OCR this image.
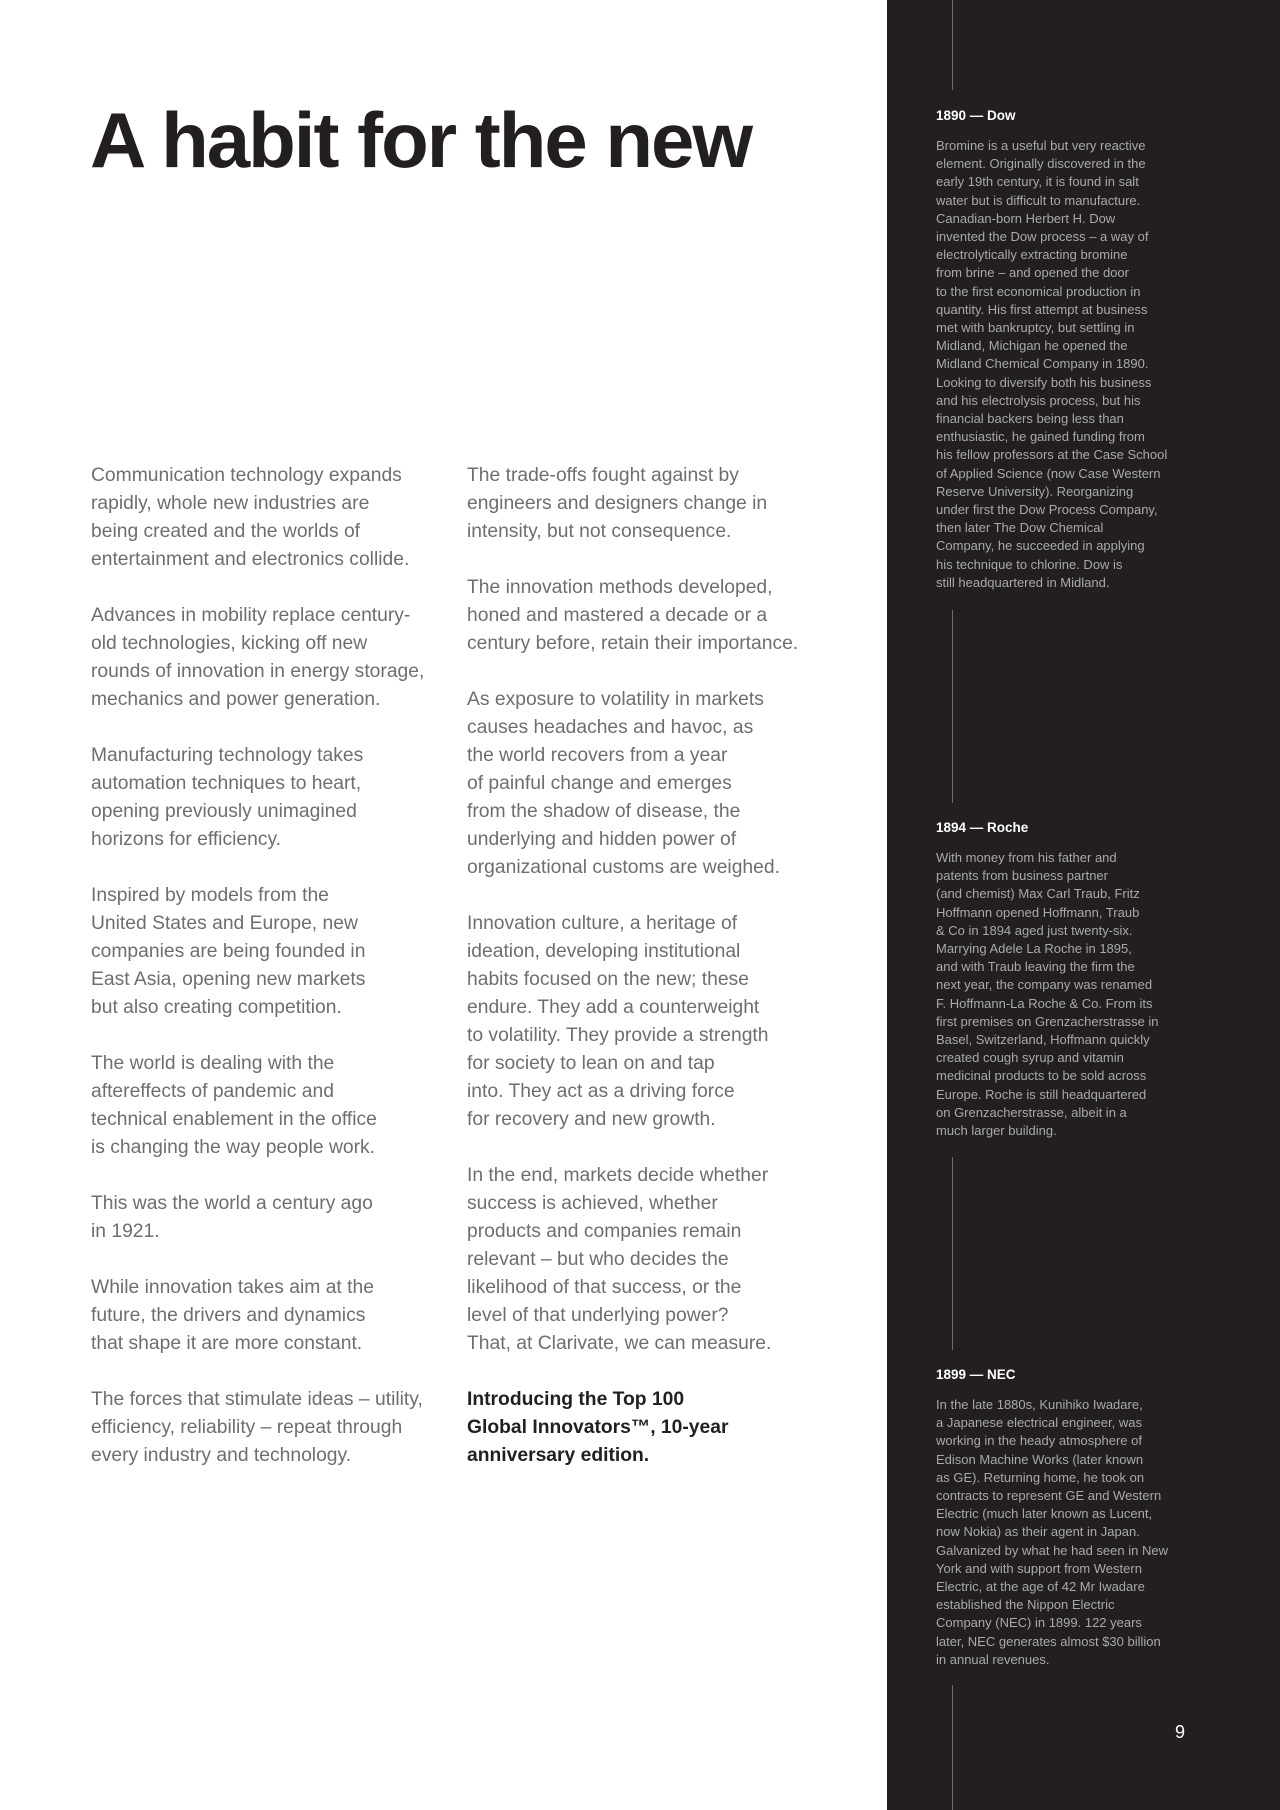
A habit for the new

Communication technology expands
rapidly, whole new industries are
being created and the worlds of
entertainment and electronics collide.

Advances in mobility replace century-
old technologies, kicking off new
rounds of innovation in energy storage,
mechanics and power generation.

Manufacturing technology takes
automation techniques to heart,
opening previously unimagined
horizons for efficiency.

Inspired by models from the
United States and Europe, new
companies are being founded in
East Asia, opening new markets
but also creating competition.

The world is dealing with the
aftereffects of pandemic and
technical enablement in the office
is changing the way people work.

This was the world a century ago
in 1921.

While innovation takes aim at the
future, the drivers and dynamics
that shape it are more constant.

The forces that stimulate ideas – utility,
efficiency, reliability – repeat through
every industry and technology.

The trade-offs fought against by
engineers and designers change in
intensity, but not consequence.

The innovation methods developed,
honed and mastered a decade or a
century before, retain their importance.

As exposure to volatility in markets
causes headaches and havoc, as
the world recovers from a year
of painful change and emerges
from the shadow of disease, the
underlying and hidden power of
organizational customs are weighed.

Innovation culture, a heritage of
ideation, developing institutional
habits focused on the new; these
endure. They add a counterweight
to volatility. They provide a strength
for society to lean on and tap
into. They act as a driving force
for recovery and new growth.

In the end, markets decide whether
success is achieved, whether
products and companies remain
relevant – but who decides the
likelihood of that success, or the
level of that underlying power?
That, at Clarivate, we can measure.

Introducing the Top 100
Global Innovators™, 10-year
anniversary edition.

1890 — Dow

Bromine is a useful but very reactive
element. Originally discovered in the
early 19th century, it is found in salt
water but is difficult to manufacture.
Canadian-born Herbert H. Dow
invented the Dow process – a way of
electrolytically extracting bromine
from brine – and opened the door
to the first economical production in
quantity. His first attempt at business
met with bankruptcy, but settling in
Midland, Michigan he opened the
Midland Chemical Company in 1890.
Looking to diversify both his business
and his electrolysis process, but his
financial backers being less than
enthusiastic, he gained funding from
his fellow professors at the Case School
of Applied Science (now Case Western
Reserve University). Reorganizing
under first the Dow Process Company,
then later The Dow Chemical
Company, he succeeded in applying
his technique to chlorine. Dow is
still headquartered in Midland.

1894 — Roche

With money from his father and
patents from business partner
(and chemist) Max Carl Traub, Fritz
Hoffmann opened Hoffmann, Traub
& Co in 1894 aged just twenty-six.
Marrying Adele La Roche in 1895,
and with Traub leaving the firm the
next year, the company was renamed
F. Hoffmann-La Roche & Co. From its
first premises on Grenzacherstrasse in
Basel, Switzerland, Hoffmann quickly
created cough syrup and vitamin
medicinal products to be sold across
Europe. Roche is still headquartered
on Grenzacherstrasse, albeit in a
much larger building.

1899 — NEC

In the late 1880s, Kunihiko Iwadare,
a Japanese electrical engineer, was
working in the heady atmosphere of
Edison Machine Works (later known
as GE). Returning home, he took on
contracts to represent GE and Western
Electric (much later known as Lucent,
now Nokia) as their agent in Japan.
Galvanized by what he had seen in New
York and with support from Western
Electric, at the age of 42 Mr Iwadare
established the Nippon Electric
Company (NEC) in 1899. 122 years
later, NEC generates almost $30 billion
in annual revenues.

9
